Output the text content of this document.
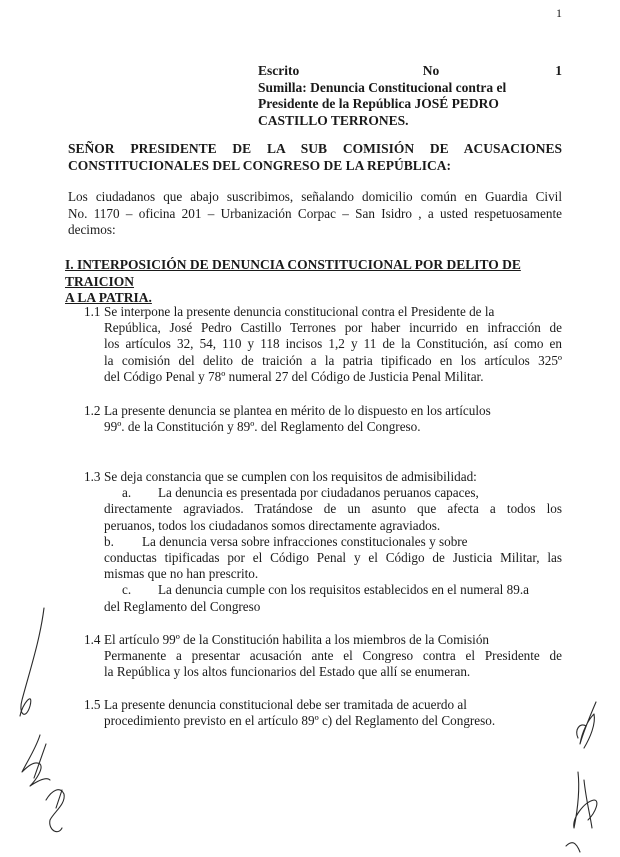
1
Escrito	No	1
Sumilla: Denuncia Constitucional contra el
Presidente de la República JOSÉ PEDRO
CASTILLO TERRONES.
SEÑOR PRESIDENTE DE LA SUB COMISIÓN DE ACUSACIONES
CONSTITUCIONALES DEL CONGRESO DE LA REPÚBLICA:
Los ciudadanos que abajo suscribimos, señalando domicilio común en Guardia Civil
No. 1170 – oficina 201 – Urbanización Corpac – San Isidro , a usted respetuosamente
decimos:
I. INTERPOSICIÓN DE DENUNCIA CONSTITUCIONAL POR DELITO DE TRAICION
A LA PATRIA.
1.1 Se interpone la presente denuncia constitucional contra el Presidente de la
República, José Pedro Castillo Terrones por haber incurrido en infracción de
los artículos 32, 54, 110 y 118 incisos 1,2 y 11 de la Constitución, así como en
la comisión del delito de traición a la patria tipificado en los artículos 325º
del Código Penal y 78º numeral 27 del Código de Justicia Penal Militar.
1.2 La presente denuncia se plantea en mérito de lo dispuesto en los artículos
99º. de la Constitución y 89º. del Reglamento del Congreso.
1.3 Se deja constancia que se cumplen con los requisitos de admisibilidad:
a. La denuncia es presentada por ciudadanos peruanos capaces,
directamente agraviados. Tratándose de un asunto que afecta a todos los
peruanos, todos los ciudadanos somos directamente agraviados.
b. La denuncia versa sobre infracciones constitucionales y sobre
conductas tipificadas por el Código Penal y el Código de Justicia Militar, las
mismas que no han prescrito.
c. La denuncia cumple con los requisitos establecidos en el numeral 89.a
del Reglamento del Congreso
1.4 El artículo 99º de la Constitución habilita a los miembros de la Comisión
Permanente a presentar acusación ante el Congreso contra el Presidente de
la República y los altos funcionarios del Estado que allí se enumeran.
1.5 La presente denuncia constitucional debe ser tramitada de acuerdo al
procedimiento previsto en el artículo 89º c) del Reglamento del Congreso.
